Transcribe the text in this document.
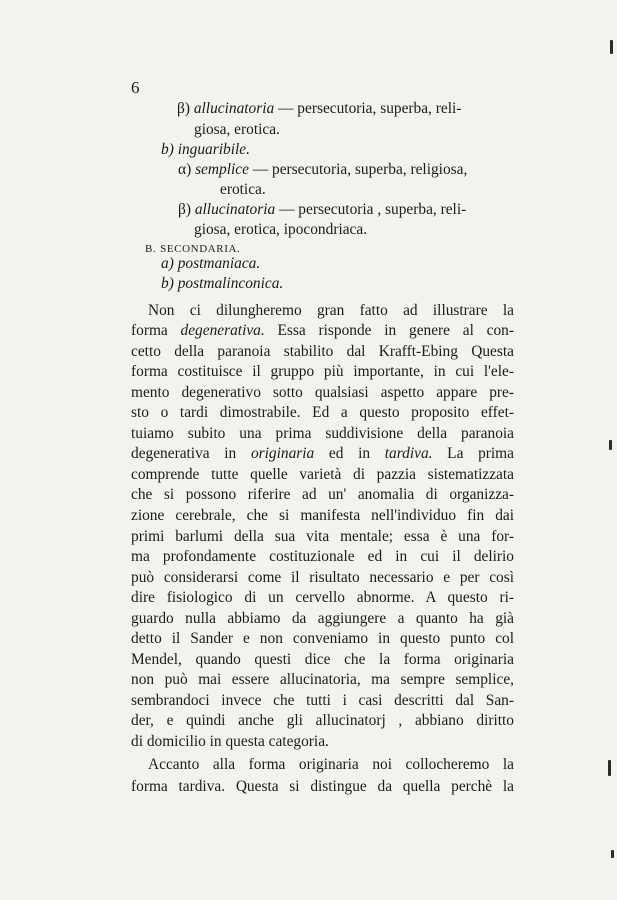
6
β) allucinatoria — persecutoria, superba, reli-
giosa, erotica.
b) inguaribile.
α) semplice — persecutoria, superba, religiosa,
erotica.
β) allucinatoria — persecutoria , superba, reli-
giosa, erotica, ipocondriaca.
B. SECONDARIA.
a) postmaniaca.
b) postmalinconica.
Non ci dilungheremo gran fatto ad illustrare la
forma degenerativa. Essa risponde in genere al con-
cetto della paranoia stabilito dal Krafft-Ebing Questa
forma costituisce il gruppo più importante, in cui l'ele-
mento degenerativo sotto qualsiasi aspetto appare pre-
sto o tardi dimostrabile. Ed a questo proposito effet-
tuiamo subito una prima suddivisione della paranoia
degenerativa in originaria ed in tardiva. La prima
comprende tutte quelle varietà di pazzia sistematizzata
che si possono riferire ad un' anomalia di organizza-
zione cerebrale, che si manifesta nell'individuo fin dai
primi barlumi della sua vita mentale; essa è una for-
ma profondamente costituzionale ed in cui il delirio
può considerarsi come il risultato necessario e per così
dire fisiologico di un cervello abnorme. A questo ri-
guardo nulla abbiamo da aggiungere a quanto ha già
detto il Sander e non conveniamo in questo punto col
Mendel, quando questi dice che la forma originaria
non può mai essere allucinatoria, ma sempre semplice,
sembrandoci invece che tutti i casi descritti dal San-
der, e quindi anche gli allucinatorj , abbiano diritto
di domicilio in questa categoria.
Accanto alla forma originaria noi collocheremo la
forma tardiva. Questa si distingue da quella perchè la
